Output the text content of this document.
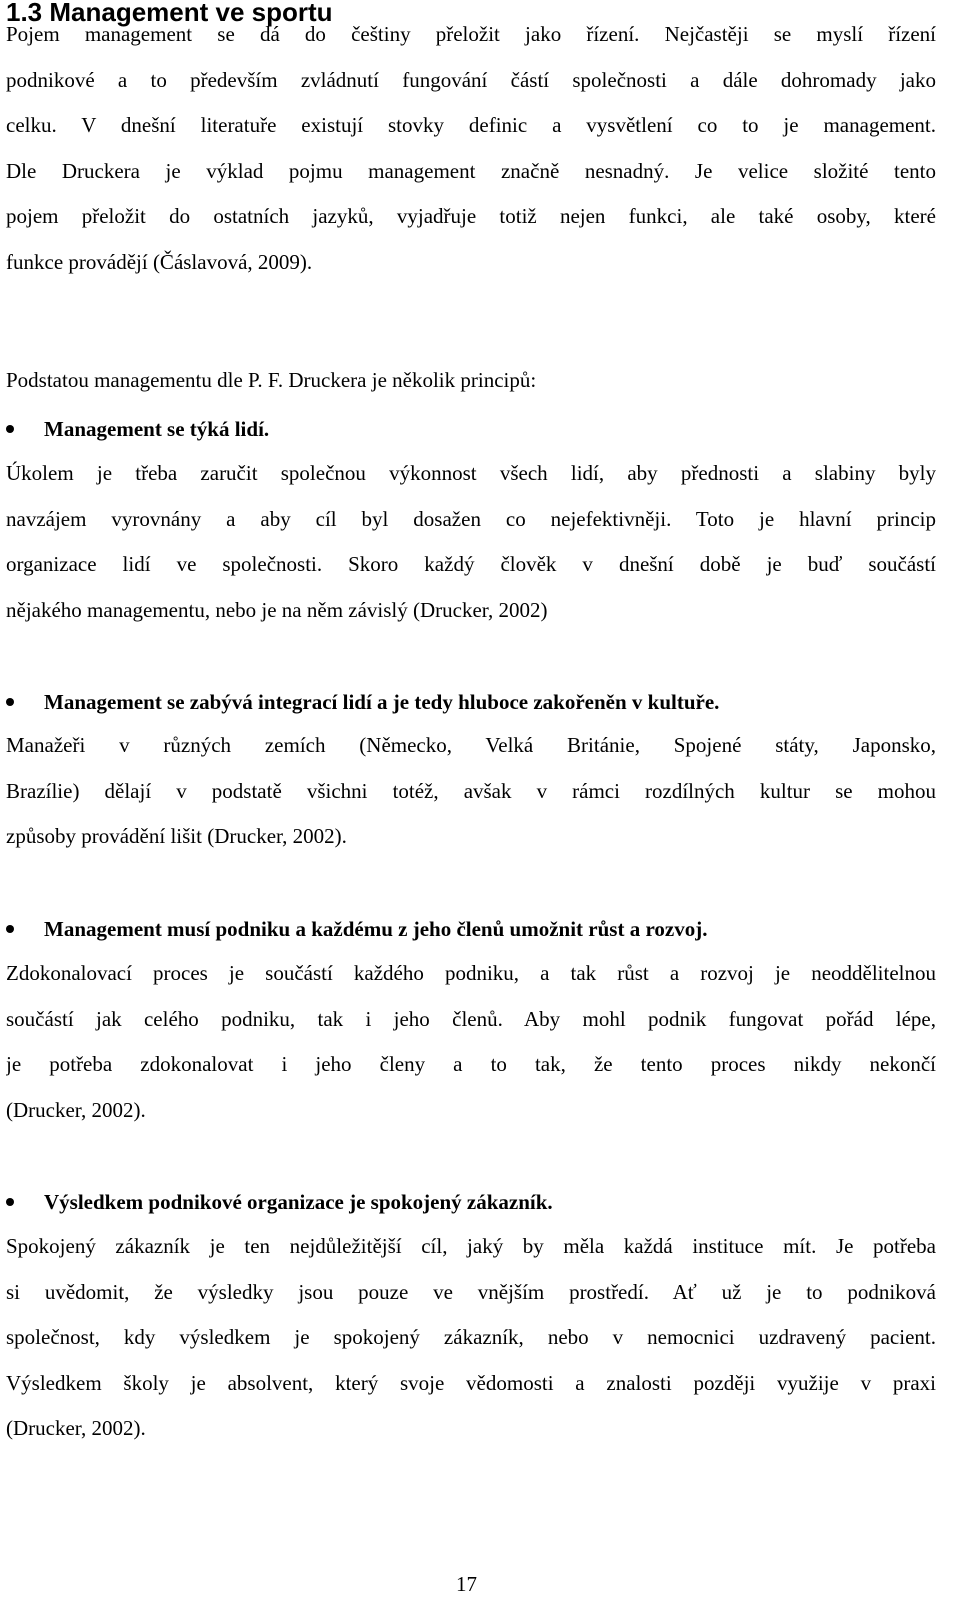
1.3 Management ve sportu
Pojem management se dá do češtiny přeložit jako řízení. Nejčastěji se myslí řízení
podnikové a to především zvládnutí fungování částí společnosti a dále dohromady jako
celku. V dnešní literatuře existují stovky definic a vysvětlení co to je management.
Dle Druckera je výklad pojmu management značně nesnadný. Je velice složité tento
pojem přeložit do ostatních jazyků, vyjadřuje totiž nejen funkci, ale také osoby, které
funkce provádějí (Čáslavová, 2009).
Podstatou managementu dle P. F. Druckera je několik principů:
Management se týká lidí.
Úkolem je třeba zaručit společnou výkonnost všech lidí, aby přednosti a slabiny byly
navzájem vyrovnány a aby cíl byl dosažen co nejefektivněji. Toto je hlavní princip
organizace lidí ve společnosti. Skoro každý člověk v dnešní době je buď součástí
nějakého managementu, nebo je na něm závislý (Drucker, 2002)
Management se zabývá integrací lidí a je tedy hluboce zakořeněn v kultuře.
Manažeři v různých zemích (Německo, Velká Británie, Spojené státy, Japonsko,
Brazílie) dělají v podstatě všichni totéž, avšak v rámci rozdílných kultur se mohou
způsoby provádění lišit (Drucker, 2002).
Management musí podniku a každému z jeho členů umožnit růst a rozvoj.
Zdokonalovací proces je součástí každého podniku, a tak růst a rozvoj je neoddělitelnou
součástí jak celého podniku, tak i jeho členů. Aby mohl podnik fungovat pořád lépe,
je potřeba zdokonalovat i jeho členy a to tak, že tento proces nikdy nekončí
(Drucker, 2002).
Výsledkem podnikové organizace je spokojený zákazník.
Spokojený zákazník je ten nejdůležitější cíl, jaký by měla každá instituce mít. Je potřeba
si uvědomit, že výsledky jsou pouze ve vnějším prostředí. Ať už je to podniková
společnost, kdy výsledkem je spokojený zákazník, nebo v nemocnici uzdravený pacient.
Výsledkem školy je absolvent, který svoje vědomosti a znalosti později využije v praxi
(Drucker, 2002).
17
